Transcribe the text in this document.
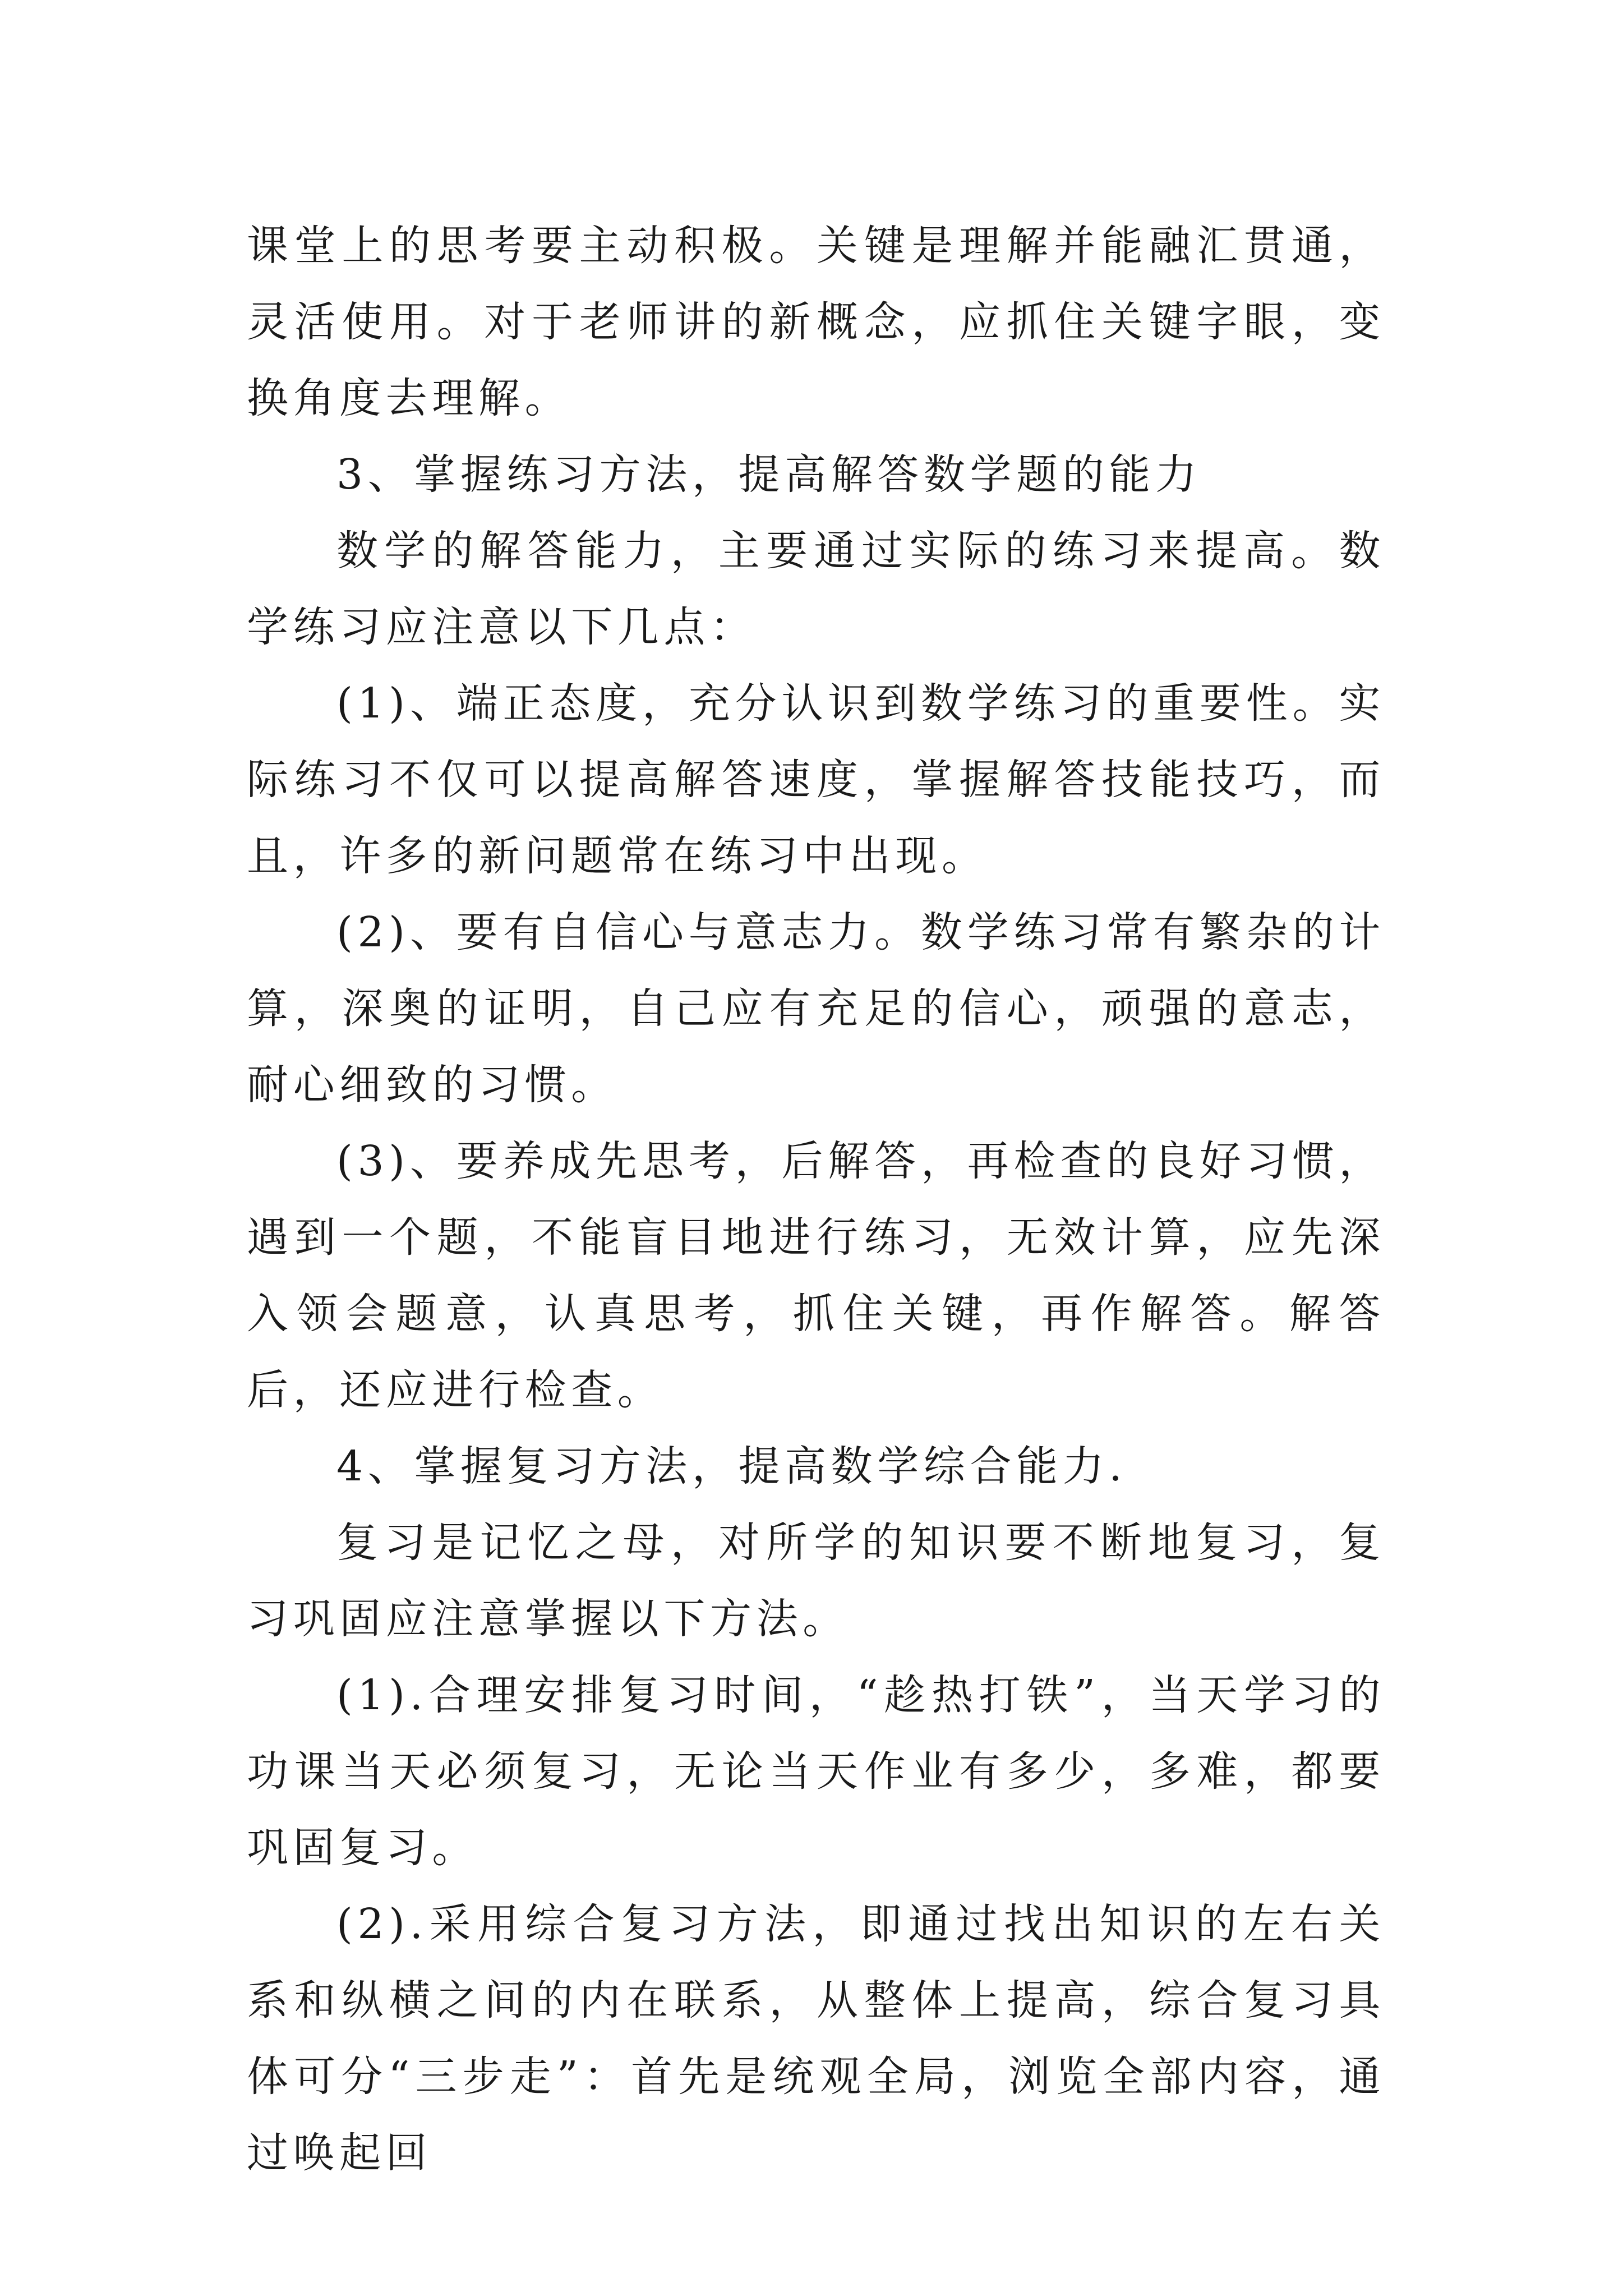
课堂上的思考要主动积极。关键是理解并能融汇贯通，灵活使用。对于老师讲的新概念，应抓住关键字眼，变换角度去理解。

3、掌握练习方法，提高解答数学题的能力

数学的解答能力，主要通过实际的练习来提高。数学练习应注意以下几点：

(1)、端正态度，充分认识到数学练习的重要性。实际练习不仅可以提高解答速度，掌握解答技能技巧，而且，许多的新问题常在练习中出现。

(2)、要有自信心与意志力。数学练习常有繁杂的计算，深奥的证明，自己应有充足的信心，顽强的意志，耐心细致的习惯。

(3)、要养成先思考，后解答，再检查的良好习惯，遇到一个题，不能盲目地进行练习，无效计算，应先深入领会题意，认真思考，抓住关键，再作解答。解答后，还应进行检查。

4、掌握复习方法，提高数学综合能力.

复习是记忆之母，对所学的知识要不断地复习，复习巩固应注意掌握以下方法。

(1).合理安排复习时间，“趁热打铁”，当天学习的功课当天必须复习，无论当天作业有多少，多难，都要巩固复习。

(2).采用综合复习方法，即通过找出知识的左右关系和纵横之间的内在联系，从整体上提高，综合复习具体可分“三步走”：首先是统观全局，浏览全部内容，通过唤起回
